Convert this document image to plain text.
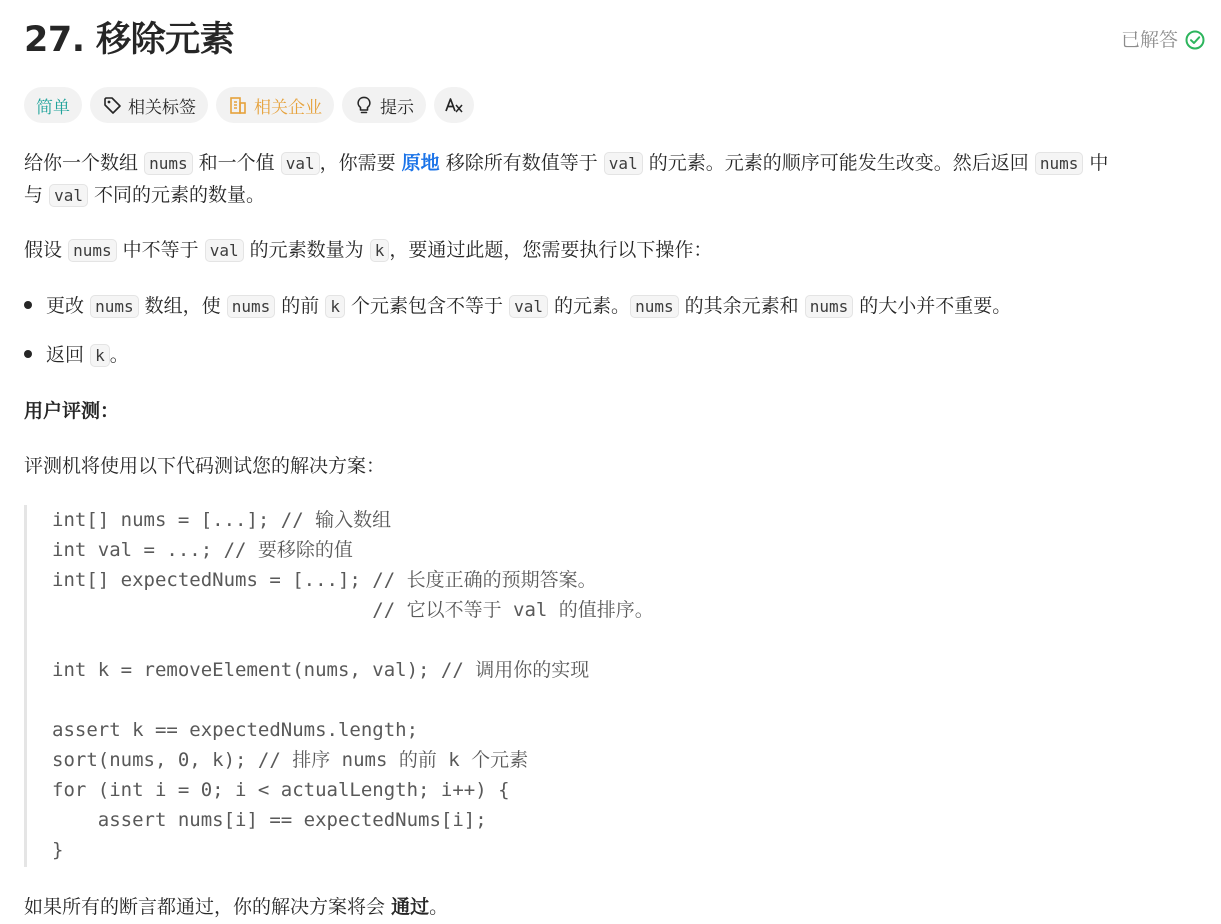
27. 移除元素	已解答
简单	相关标签	相关企业	提示
给你一个数组 nums 和一个值 val ，你需要 原地 移除所有数值等于 val 的元素。元素的顺序可能发生改变。然后返回 nums 中
与 val 不同的元素的数量。
假设 nums 中不等于 val 的元素数量为 k ，要通过此题，您需要执行以下操作：
更改 nums 数组，使 nums 的前 k 个元素包含不等于 val 的元素。 nums 的其余元素和 nums 的大小并不重要。
返回 k 。
用户评测：
评测机将使用以下代码测试您的解决方案：
int[] nums = [...]; // 输入数组
int val = ...; // 要移除的值
int[] expectedNums = [...]; // 长度正确的预期答案。
// 它以不等于 val 的值排序。

int k = removeElement(nums, val); // 调用你的实现

assert k == expectedNums.length;
sort(nums, 0, k); // 排序 nums 的前 k 个元素
for (int i = 0; i < actualLength; i++) {
assert nums[i] == expectedNums[i];
}
如果所有的断言都通过，你的解决方案将会 通过。
